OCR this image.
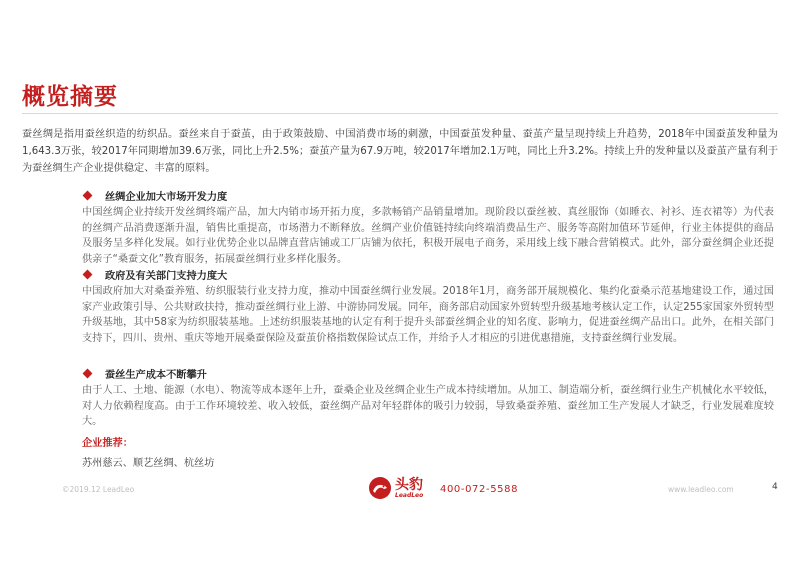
概览摘要
蚕丝绸是指用蚕丝织造的纺织品。蚕丝来自于蚕茧，由于政策鼓励、中国消费市场的刺激，中国蚕茧发种量、蚕茧产量呈现持续上升趋势，2018年中国蚕茧发种量为1,643.3万张，较2017年同期增加39.6万张，同比上升2.5%；蚕茧产量为67.9万吨，较2017年增加2.1万吨，同比上升3.2%。持续上升的发种量以及蚕茧产量有利于为蚕丝绸生产企业提供稳定、丰富的原料。
丝绸企业加大市场开发力度
中国丝绸企业持续开发丝绸终端产品，加大内销市场开拓力度，多款畅销产品销量增加。现阶段以蚕丝被、真丝服饰（如睡衣、衬衫、连衣裙等）为代表的丝绸产品消费逐渐升温，销售比重提高，市场潜力不断释放。丝绸产业价值链持续向终端消费品生产、服务等高附加值环节延伸，行业主体提供的商品及服务呈多样化发展。如行业优势企业以品牌直营店铺或工厂店铺为依托，积极开展电子商务，采用线上线下融合营销模式。此外，部分蚕丝绸企业还提供亲子“桑蚕文化”教育服务，拓展蚕丝绸行业多样化服务。
政府及有关部门支持力度大
中国政府加大对桑蚕养殖、纺织服装行业支持力度，推动中国蚕丝绸行业发展。2018年1月，商务部开展规模化、集约化蚕桑示范基地建设工作，通过国家产业政策引导、公共财政扶持，推动蚕丝绸行业上游、中游协同发展。同年，商务部启动国家外贸转型升级基地考核认定工作，认定255家国家外贸转型升级基地，其中58家为纺织服装基地。上述纺织服装基地的认定有利于提升头部蚕丝绸企业的知名度、影响力，促进蚕丝绸产品出口。此外，在相关部门支持下，四川、贵州、重庆等地开展桑蚕保险及蚕茧价格指数保险试点工作，并给予人才相应的引进优惠措施，支持蚕丝绸行业发展。
蚕丝生产成本不断攀升
由于人工、土地、能源（水电）、物流等成本逐年上升，蚕桑企业及丝绸企业生产成本持续增加。从加工、制造端分析，蚕丝绸行业生产机械化水平较低，对人力依赖程度高。由于工作环境较差、收入较低，蚕丝绸产品对年轻群体的吸引力较弱，导致桑蚕养殖、蚕丝加工生产发展人才缺乏，行业发展难度较大。
企业推荐：
苏州慈云、顺艺丝绸、杭丝坊
©2019.12 LeadLeo	头豹
LeadLeo 400-072-5588	www.leadleo.com	4
